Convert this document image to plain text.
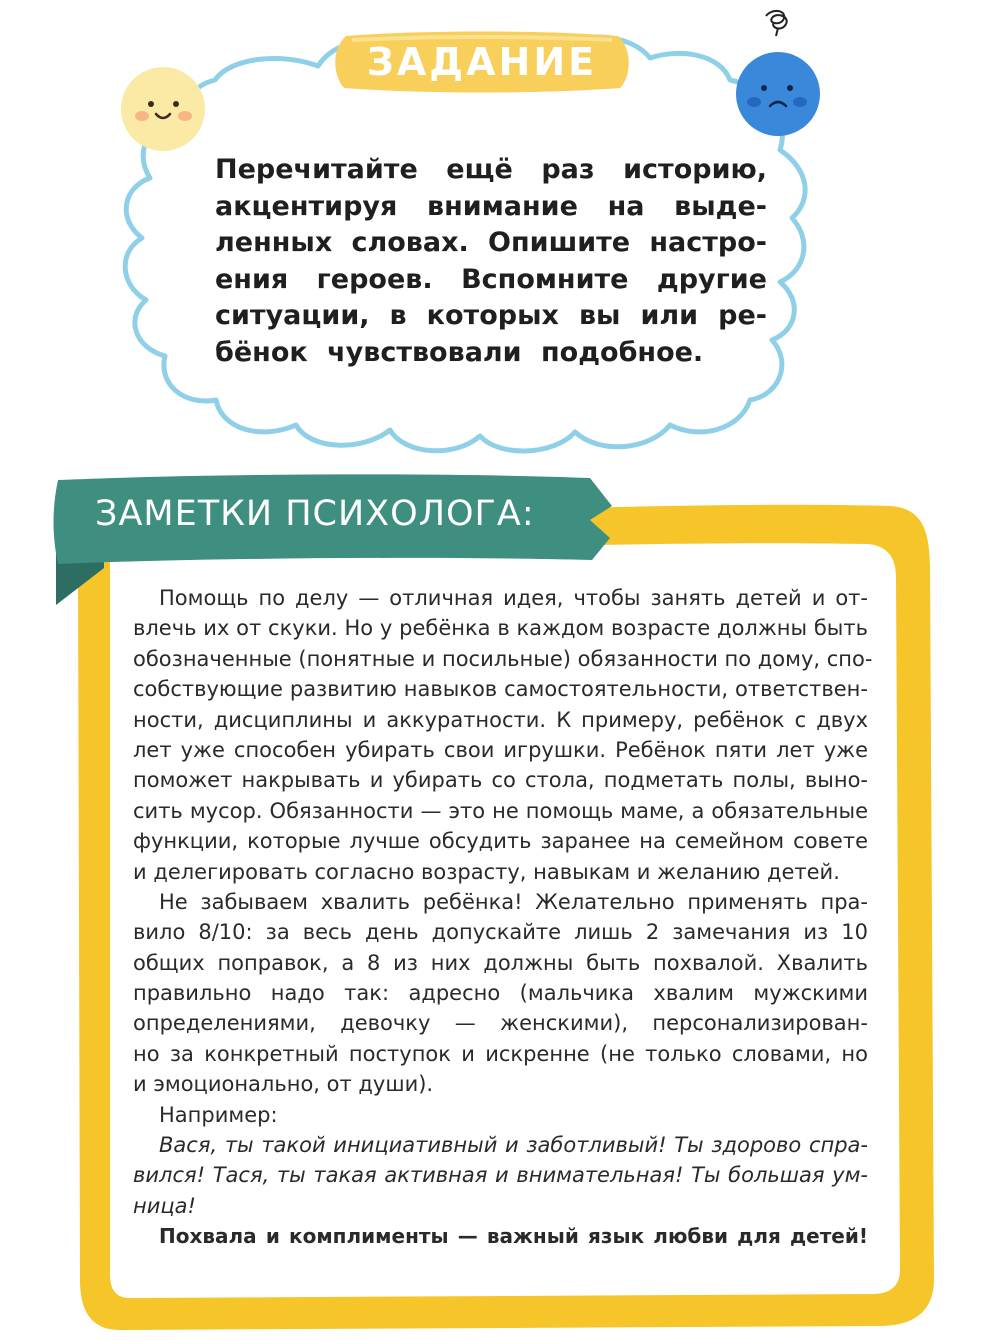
ЗАДАНИЕ
Перечитайте ещё раз историю,
акцентируя внимание на выде-
ленных словах. Опишите настро-
ения героев. Вспомните другие
ситуации, в которых вы или ре-
бёнок чувствовали подобное.
ЗАМЕТКИ ПСИХОЛОГА:
Помощь по делу — отличная идея, чтобы занять детей и от-
влечь их от скуки. Но у ребёнка в каждом возрасте должны быть
обозначенные (понятные и посильные) обязанности по дому, спо-
собствующие развитию навыков самостоятельности, ответствен-
ности, дисциплины и аккуратности. К примеру, ребёнок с двух
лет уже способен убирать свои игрушки. Ребёнок пяти лет уже
поможет накрывать и убирать со стола, подметать полы, выно-
сить мусор. Обязанности — это не помощь маме, а обязательные
функции, которые лучше обсудить заранее на семейном совете
и делегировать согласно возрасту, навыкам и желанию детей.
Не забываем хвалить ребёнка! Желательно применять пра-
вило 8/10: за весь день допускайте лишь 2 замечания из 10
общих поправок, а 8 из них должны быть похвалой. Хвалить
правильно надо так: адресно (мальчика хвалим мужскими
определениями, девочку — женскими), персонализирован-
но за конкретный поступок и искренне (не только словами, но
и эмоционально, от души).
Например:
Вася, ты такой инициативный и заботливый! Ты здорово спра-
вился! Тася, ты такая активная и внимательная! Ты большая ум-
ница!
Похвала и комплименты — важный язык любви для детей!
